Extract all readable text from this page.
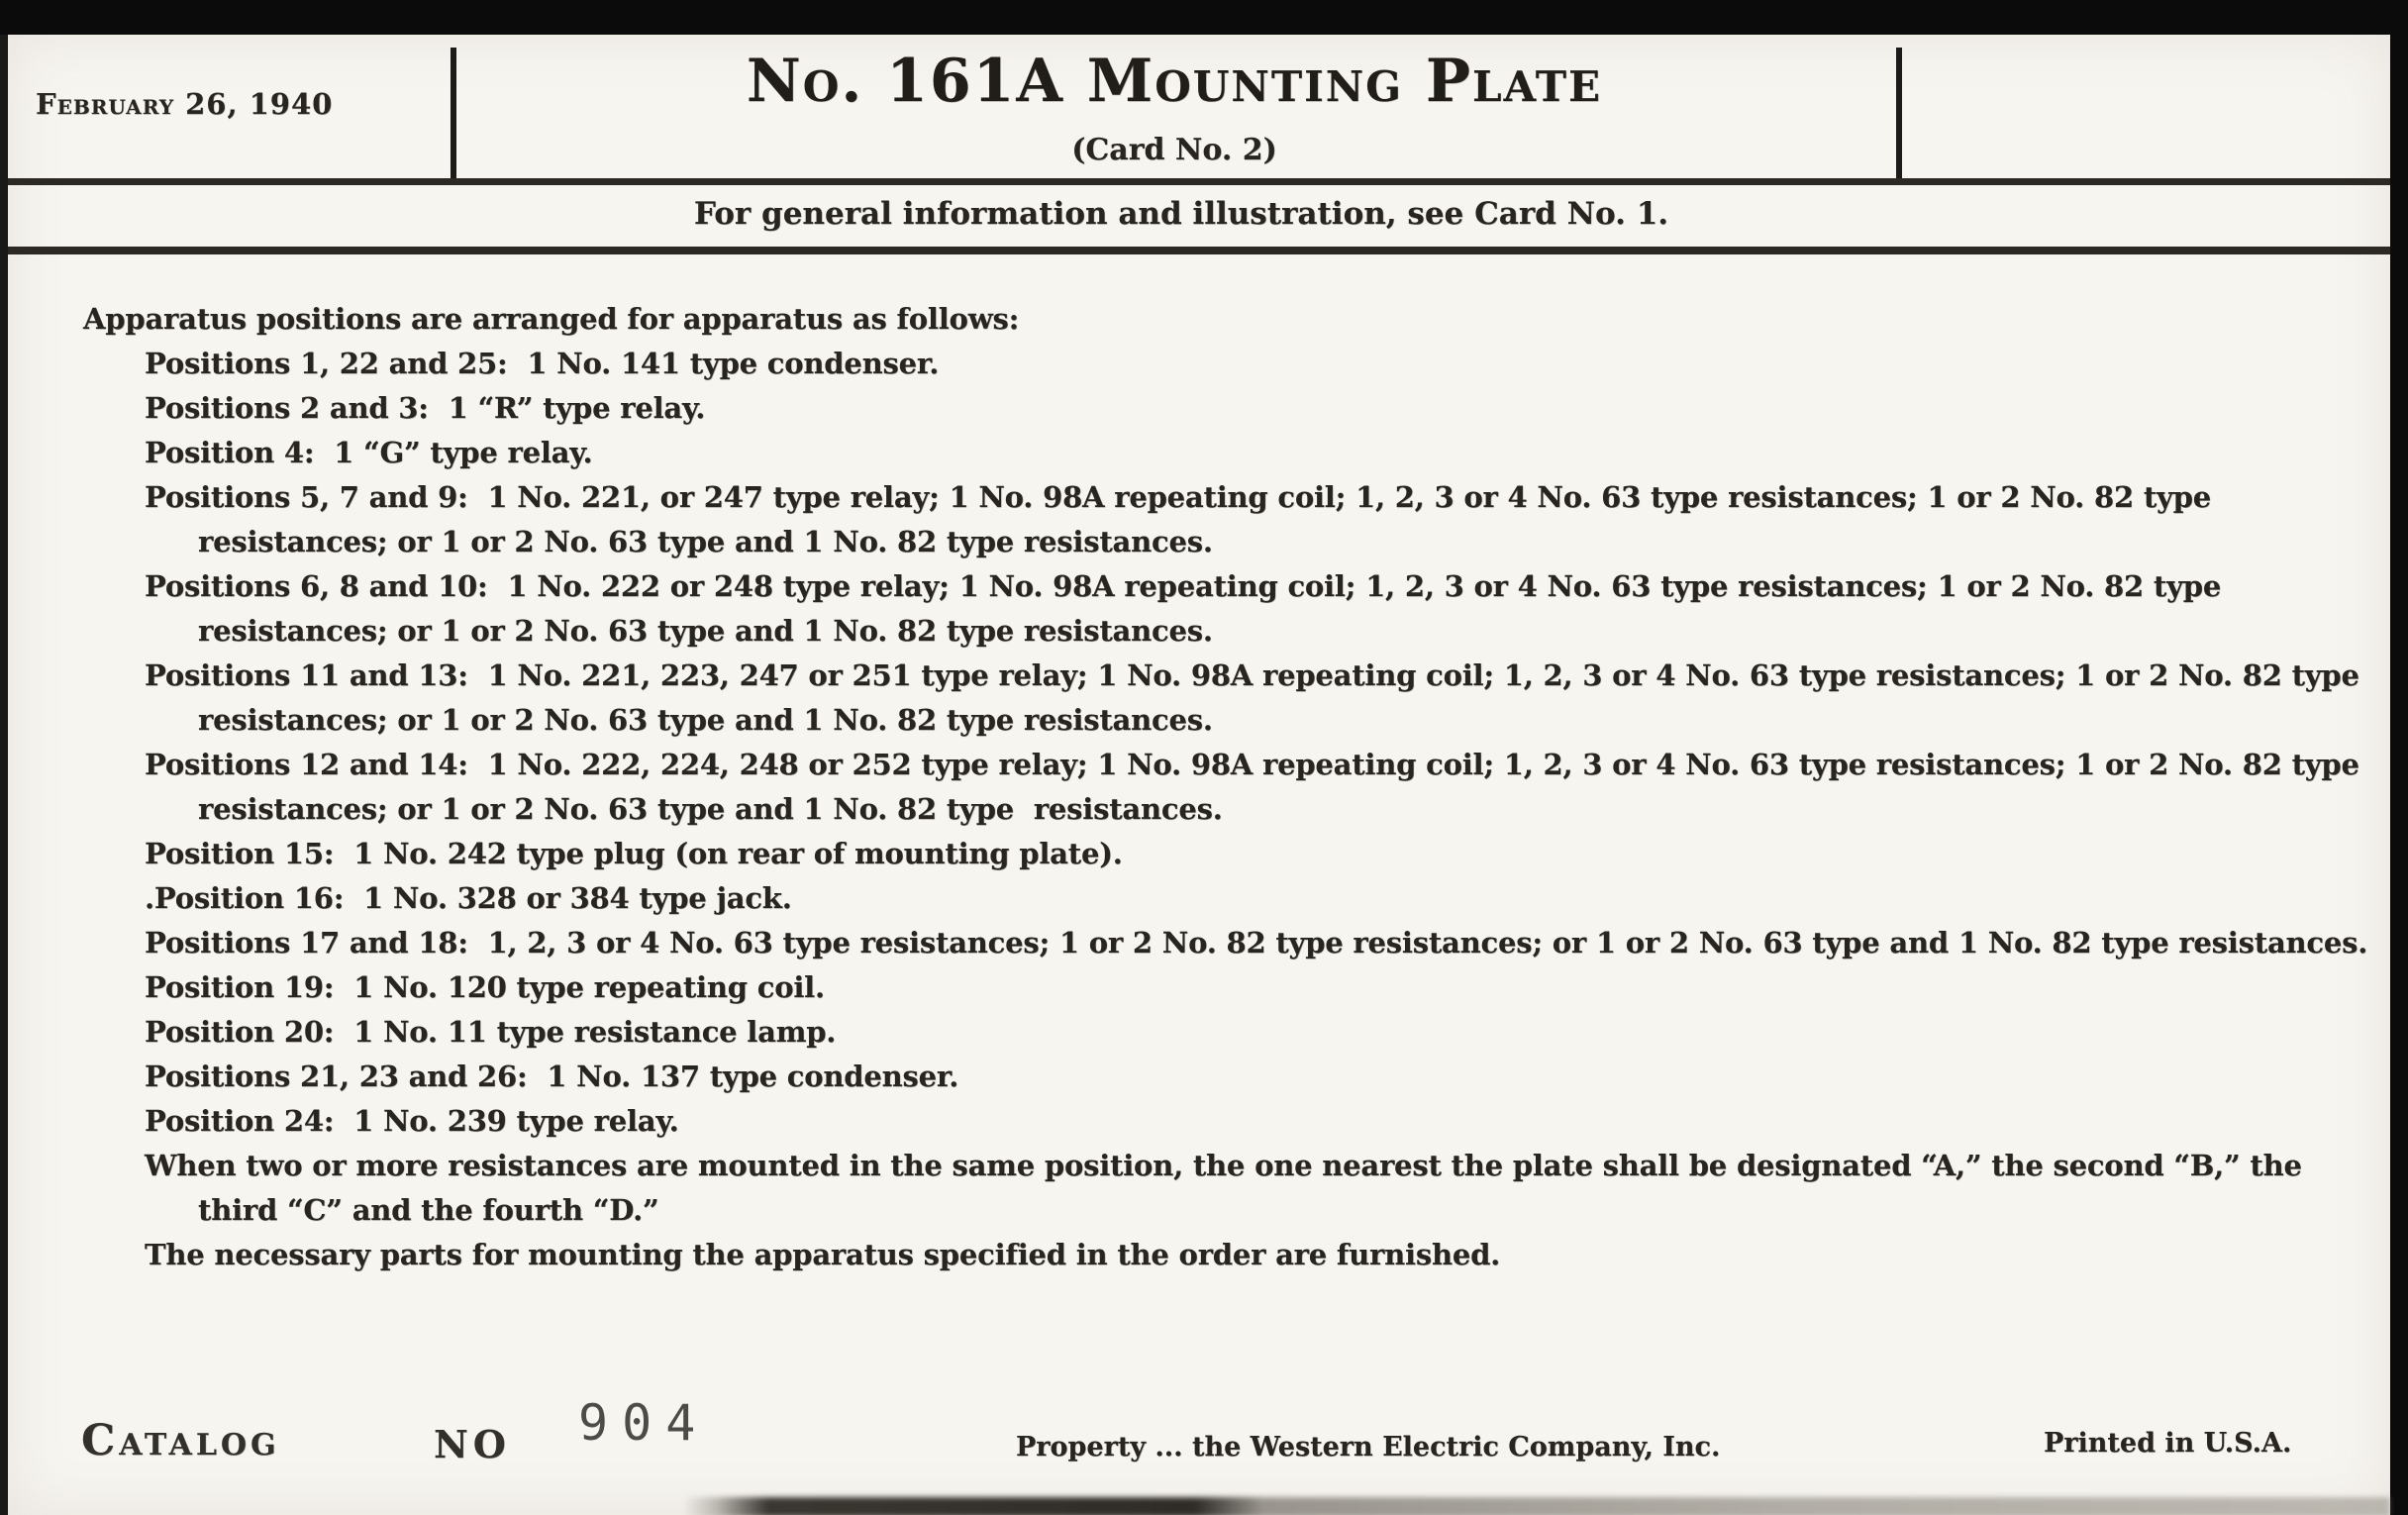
February 26, 1940	No. 161A Mounting Plate
(Card No. 2)
For general information and illustration, see Card No. 1.

Apparatus positions are arranged for apparatus as follows:

Positions 1, 22 and 25:  1 No. 141 type condenser.

Positions 2 and 3:  1 “R” type relay.

Position 4:  1 “G” type relay.

Positions 5, 7 and 9:  1 No. 221, or 247 type relay; 1 No. 98A repeating coil; 1, 2, 3 or 4 No. 63 type resistances; 1 or 2 No. 82 type resistances; or 1 or 2 No. 63 type and 1 No. 82 type resistances.

Positions 6, 8 and 10:  1 No. 222 or 248 type relay; 1 No. 98A repeating coil; 1, 2, 3 or 4 No. 63 type resistances; 1 or 2 No. 82 type resistances; or 1 or 2 No. 63 type and 1 No. 82 type resistances.

Positions 11 and 13:  1 No. 221, 223, 247 or 251 type relay; 1 No. 98A repeating coil; 1, 2, 3 or 4 No. 63 type resistances; 1 or 2 No. 82 type resistances; or 1 or 2 No. 63 type and 1 No. 82 type resistances.

Positions 12 and 14:  1 No. 222, 224, 248 or 252 type relay; 1 No. 98A repeating coil; 1, 2, 3 or 4 No. 63 type resistances; 1 or 2 No. 82 type resistances; or 1 or 2 No. 63 type and 1 No. 82 type  resistances.

Position 15:  1 No. 242 type plug (on rear of mounting plate).

.Position 16:  1 No. 328 or 384 type jack.

Positions 17 and 18:  1, 2, 3 or 4 No. 63 type resistances; 1 or 2 No. 82 type resistances; or 1 or 2 No. 63 type and 1 No. 82 type resistances.

Position 19:  1 No. 120 type repeating coil.

Position 20:  1 No. 11 type resistance lamp.

Positions 21, 23 and 26:  1 No. 137 type condenser.

Position 24:  1 No. 239 type relay.

When two or more resistances are mounted in the same position, the one nearest the plate shall be designated “A,” the second “B,” the third “C” and the fourth “D.”

The necessary parts for mounting the apparatus specified in the order are furnished.

Catalog	NO 904	Property ... the Western Electric Company, Inc.	Printed in U.S.A.
